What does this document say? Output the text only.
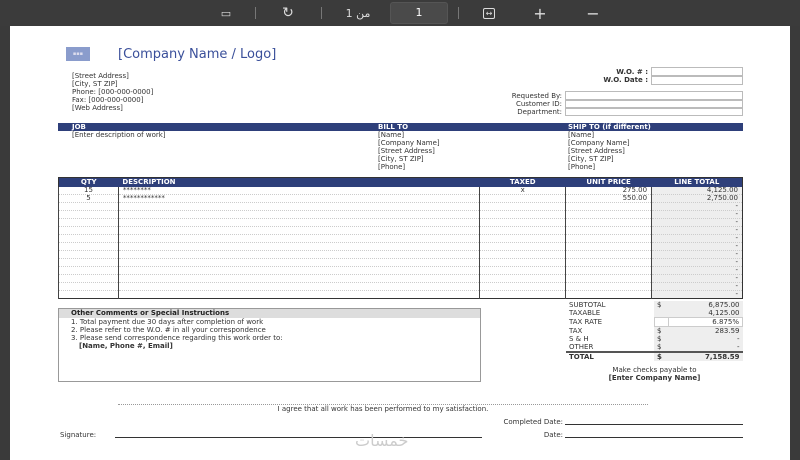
▭	↻	من 1	1	↔	+ −
▪▪▪	[Company Name / Logo]
[Street Address]
[City, ST ZIP]
Phone: [000-000-0000]
Fax: [000-000-0000]
[Web Address]
W.O. # :
W.O. Date :
Requested By:
Customer ID:
Department:
JOB	BILL TO	SHIP TO (if different)
[Enter description of work]	[Name]
[Company Name]
[Street Address]
[City, ST ZIP]
[Phone]
[Name]
[Company Name]
[Street Address]
[City, ST ZIP]
[Phone]
QTY	DESCRIPTION	TAXED	UNIT PRICE	LINE TOTAL
15	********	x	275.00	4,125.00
5	************		550.00	2,750.00
				-
				-
				-
				-
				-
				-
				-
				-
				-
				-
				-
				-
Other Comments or Special Instructions
1. Total payment due 30 days after completion of work
2. Please refer to the W.O. # in all your correspondence
3. Please send correspondence regarding this work order to:
[Name, Phone #, Email]
SUBTOTAL	$	6,875.00
TAXABLE		4,125.00
TAX RATE		6.875%
TAX	$	283.59
S & H	$	-
OTHER	$	-
TOTAL	$	7,158.59
Make checks payable to
[Enter Company Name]
I agree that all work has been performed to my satisfaction.
Completed Date:
Signature:	Date:
خمسات
